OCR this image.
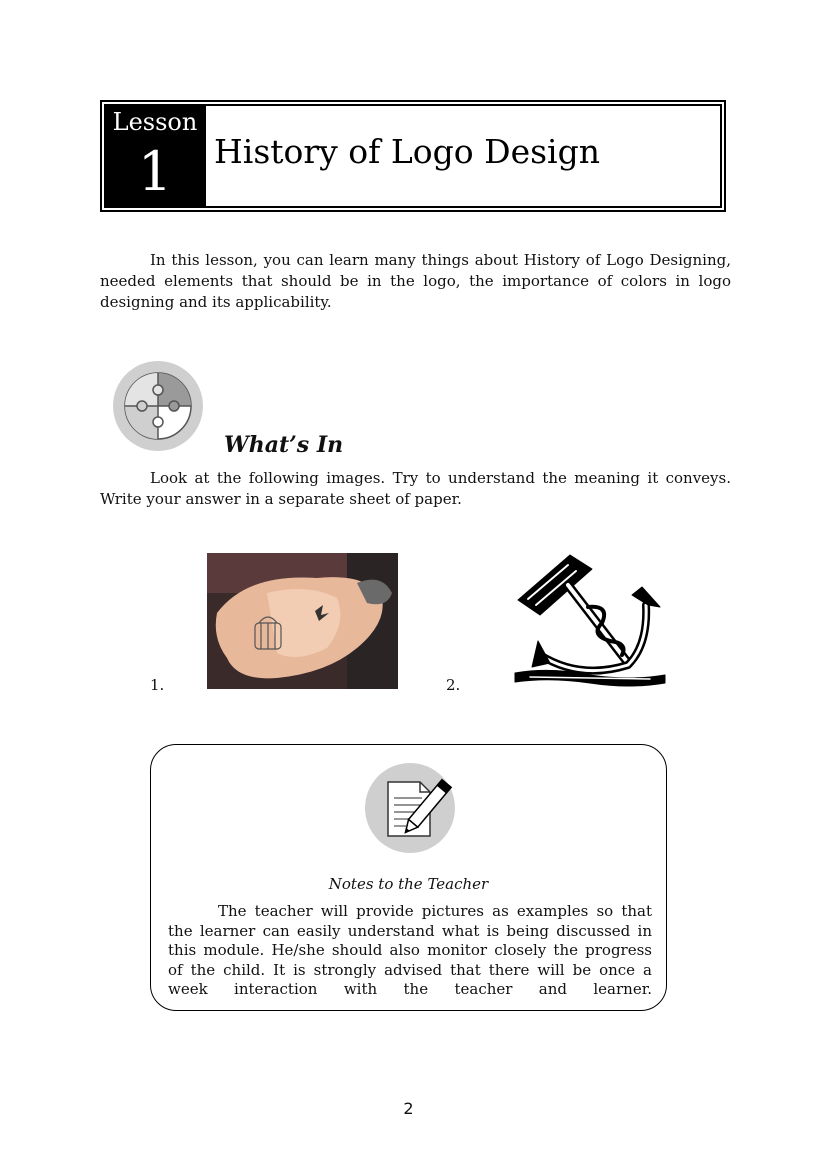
Lesson
1	History of Logo Design

In this lesson, you can learn many things about History of Logo Designing, needed elements that should be in the logo, the importance of colors in logo designing and its applicability.

What’s In

Look at the following images. Try to understand the meaning it conveys. Write your answer in a separate sheet of paper.

1.	2.
Notes to the Teacher

The teacher will provide pictures as examples so that the learner can easily understand what is being discussed in this module. He/she should also monitor closely the progress of the child. It is strongly advised that there will be once a week interaction with the teacher and learner.

2
